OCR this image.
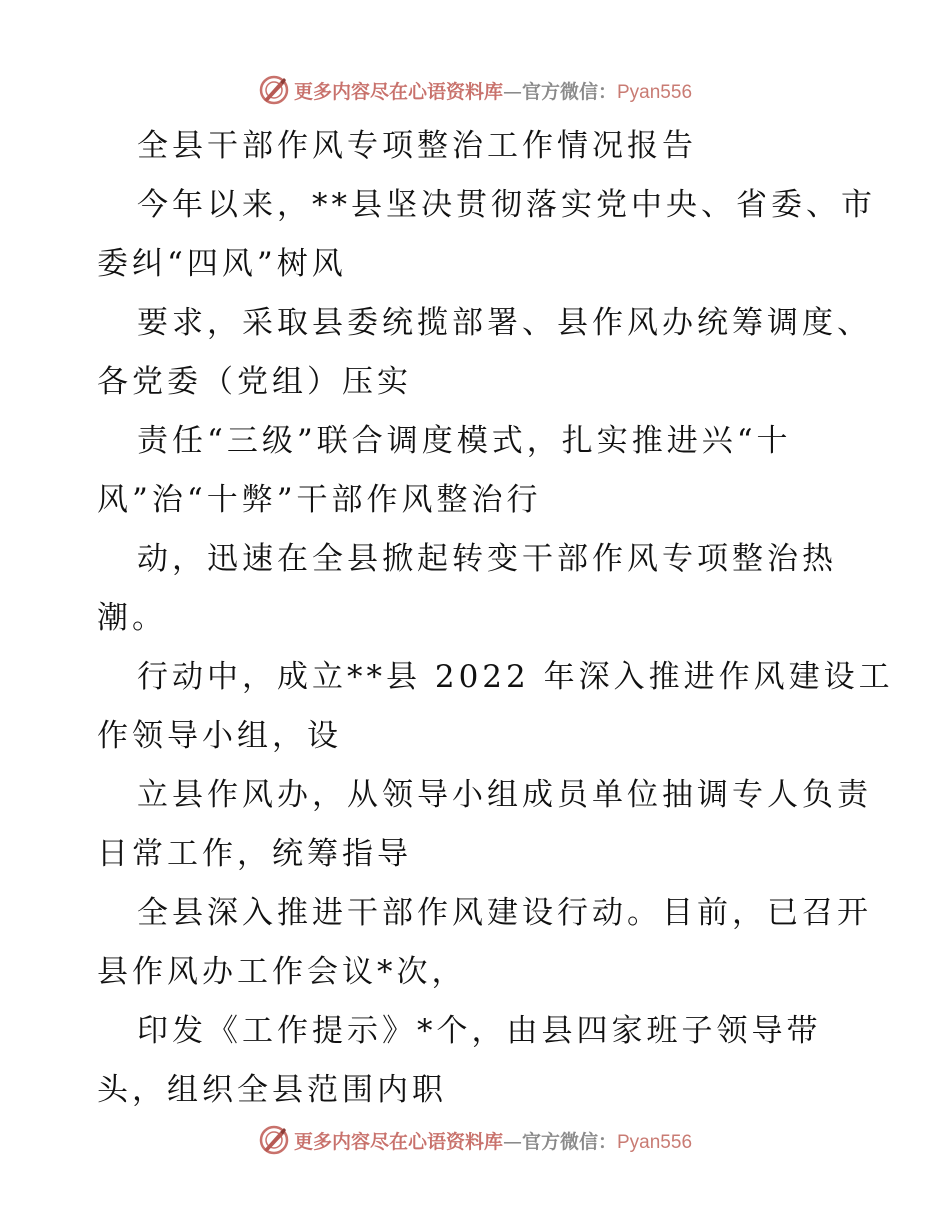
更多内容尽在心语资料库—官方微信：Pyan556
全县干部作风专项整治工作情况报告
今年以来，**县坚决贯彻落实党中央、省委、市
委纠“四风”树风
要求，采取县委统揽部署、县作风办统筹调度、
各党委（党组）压实
责任“三级”联合调度模式，扎实推进兴“十
风”治“十弊”干部作风整治行
动，迅速在全县掀起转变干部作风专项整治热
潮。
行动中，成立**县 2022 年深入推进作风建设工
作领导小组，设
立县作风办，从领导小组成员单位抽调专人负责
日常工作，统筹指导
全县深入推进干部作风建设行动。目前，已召开
县作风办工作会议*次，
印发《工作提示》*个，由县四家班子领导带
头，组织全县范围内职
更多内容尽在心语资料库—官方微信：Pyan556
